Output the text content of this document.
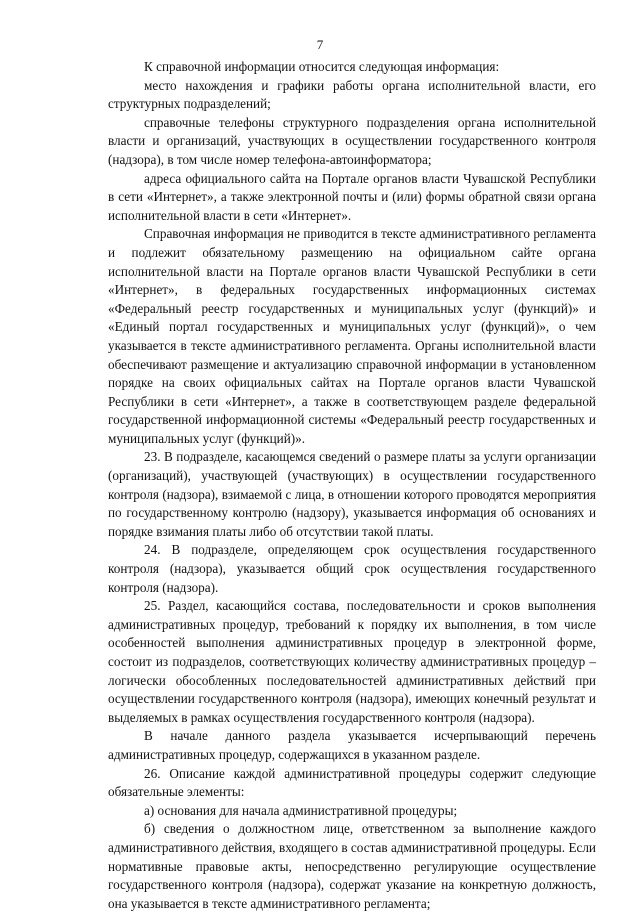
7

К справочной информации относится следующая информация:

место нахождения и графики работы органа исполнительной власти, его структурных подразделений;

справочные телефоны структурного подразделения органа исполнительной власти и организаций, участвующих в осуществлении государственного контроля (надзора), в том числе номер телефона-автоинформатора;

адреса официального сайта на Портале органов власти Чувашской Республики в сети «Интернет», а также электронной почты и (или) формы обратной связи органа исполнительной власти в сети «Интернет».

Справочная информация не приводится в тексте административного регламента и подлежит обязательному размещению на официальном сайте органа исполнительной власти на Портале органов власти Чувашской Республики в сети «Интернет», в федеральных государственных информационных системах «Федеральный реестр государственных и муниципальных услуг (функций)» и «Единый портал государственных и муниципальных услуг (функций)», о чем указывается в тексте административного регламента. Органы исполнительной власти обеспечивают размещение и актуализацию справочной информации в установленном порядке на своих официальных сайтах на Портале органов власти Чувашской Республики в сети «Интернет», а также в соответствующем разделе федеральной государственной информационной системы «Федеральный реестр государственных и муниципальных услуг (функций)».

23. В подразделе, касающемся сведений о размере платы за услуги организации (организаций), участвующей (участвующих) в осуществлении государственного контроля (надзора), взимаемой с лица, в отношении которого проводятся мероприятия по государственному контролю (надзору), указывается информация об основаниях и порядке взимания платы либо об отсутствии такой платы.

24. В подразделе, определяющем срок осуществления государственного контроля (надзора), указывается общий срок осуществления государственного контроля (надзора).

25. Раздел, касающийся состава, последовательности и сроков выполнения административных процедур, требований к порядку их выполнения, в том числе особенностей выполнения административных процедур в электронной форме, состоит из подразделов, соответствующих количеству административных процедур – логически обособленных последовательностей административных действий при осуществлении государственного контроля (надзора), имеющих конечный результат и выделяемых в рамках осуществления государственного контроля (надзора).

В начале данного раздела указывается исчерпывающий перечень административных процедур, содержащихся в указанном разделе.

26. Описание каждой административной процедуры содержит следующие обязательные элементы:

а) основания для начала административной процедуры;

б) сведения о должностном лице, ответственном за выполнение каждого административного действия, входящего в состав административной процедуры. Если нормативные правовые акты, непосредственно регулирующие осуществление государственного контроля (надзора), содержат указание на конкретную должность, она указывается в тексте административного регламента;
